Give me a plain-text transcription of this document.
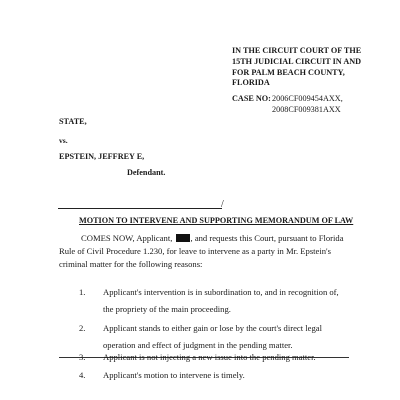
IN THE CIRCUIT COURT OF THE
15TH JUDICIAL CIRCUIT IN AND
FOR PALM BEACH COUNTY,
FLORIDA
CASE NO: 2006CF009454AXX,
2008CF009381AXX
STATE,
vs.
EPSTEIN, JEFFREY E,
Defendant.
/
MOTION TO INTERVENE AND SUPPORTING MEMORANDUM OF LAW
COMES NOW, Applicant, , and requests this Court, pursuant to Florida Rule of Civil Procedure 1.230, for leave to intervene as a party in Mr. Epstein's criminal matter for the following reasons:
1.	Applicant's intervention is in subordination to, and in recognition of, the propriety of the main proceeding.
2.	Applicant stands to either gain or lose by the court's direct legal operation and effect of judgment in the pending matter.
3.	Applicant is not injecting a new issue into the pending matter.
4.	Applicant's motion to intervene is timely.
